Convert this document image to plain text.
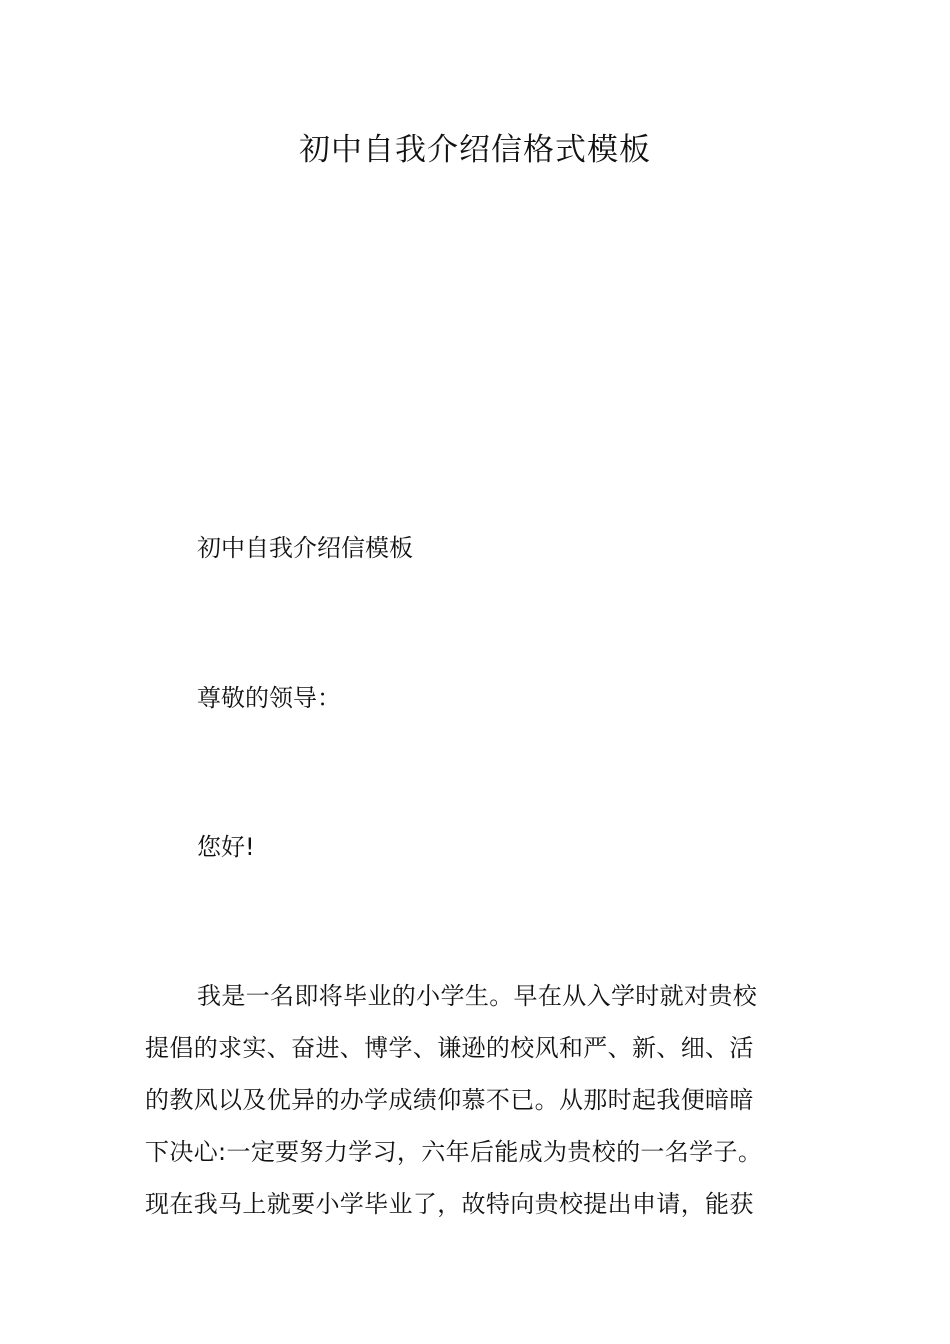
初中自我介绍信格式模板

初中自我介绍信模板

尊敬的领导：

您好!

我是一名即将毕业的小学生。早在从入学时就对贵校
提倡的求实、奋进、博学、谦逊的校风和严、新、细、活
的教风以及优异的办学成绩仰慕不已。从那时起我便暗暗
下决心:一定要努力学习，六年后能成为贵校的一名学子。
现在我马上就要小学毕业了，故特向贵校提出申请，能获
